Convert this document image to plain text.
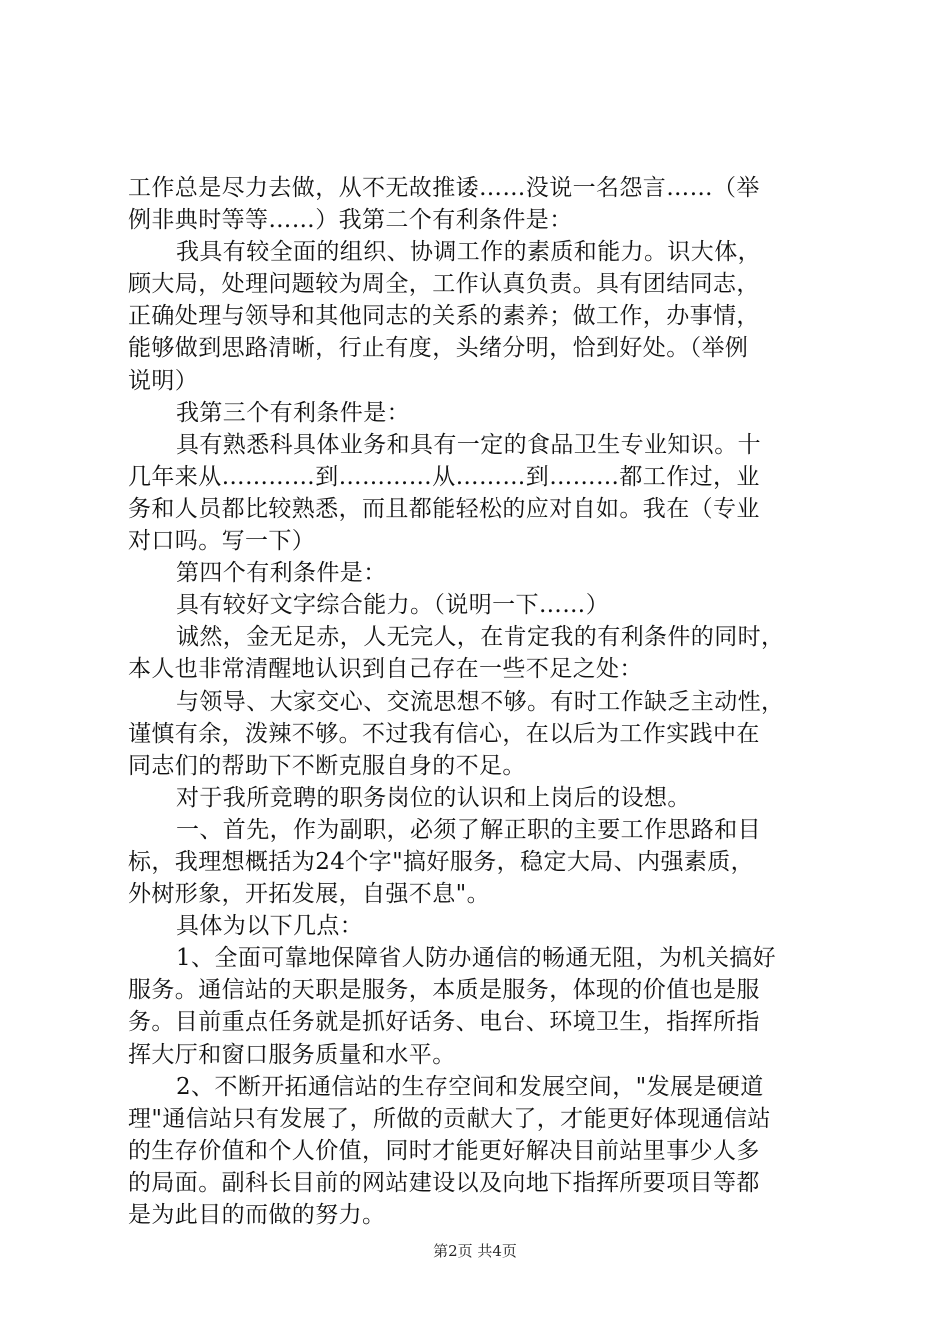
工作总是尽力去做，从不无故推诿……没说一名怨言……（举
例非典时等等……）我第二个有利条件是：
我具有较全面的组织、协调工作的素质和能力。识大体，
顾大局，处理问题较为周全，工作认真负责。具有团结同志，
正确处理与领导和其他同志的关系的素养；做工作，办事情，
能够做到思路清晰，行止有度，头绪分明，恰到好处。（举例
说明）
我第三个有利条件是：
具有熟悉科具体业务和具有一定的食品卫生专业知识。十
几年来从…………到…………从………到………都工作过，业
务和人员都比较熟悉，而且都能轻松的应对自如。我在（专业
对口吗。写一下）
第四个有利条件是：
具有较好文字综合能力。（说明一下……）
诚然，金无足赤，人无完人，在肯定我的有利条件的同时，
本人也非常清醒地认识到自己存在一些不足之处：
与领导、大家交心、交流思想不够。有时工作缺乏主动性，
谨慎有余，泼辣不够。不过我有信心，在以后为工作实践中在
同志们的帮助下不断克服自身的不足。
对于我所竞聘的职务岗位的认识和上岗后的设想。
一、首先，作为副职，必须了解正职的主要工作思路和目
标，我理想概括为24个字"搞好服务，稳定大局、内强素质，
外树形象，开拓发展，自强不息"。
具体为以下几点：
1、全面可靠地保障省人防办通信的畅通无阻，为机关搞好
服务。通信站的天职是服务，本质是服务，体现的价值也是服
务。目前重点任务就是抓好话务、电台、环境卫生，指挥所指
挥大厅和窗口服务质量和水平。
2、不断开拓通信站的生存空间和发展空间，"发展是硬道
理"通信站只有发展了，所做的贡献大了，才能更好体现通信站
的生存价值和个人价值，同时才能更好解决目前站里事少人多
的局面。副科长目前的网站建设以及向地下指挥所要项目等都
是为此目的而做的努力。
第2页 共4页
